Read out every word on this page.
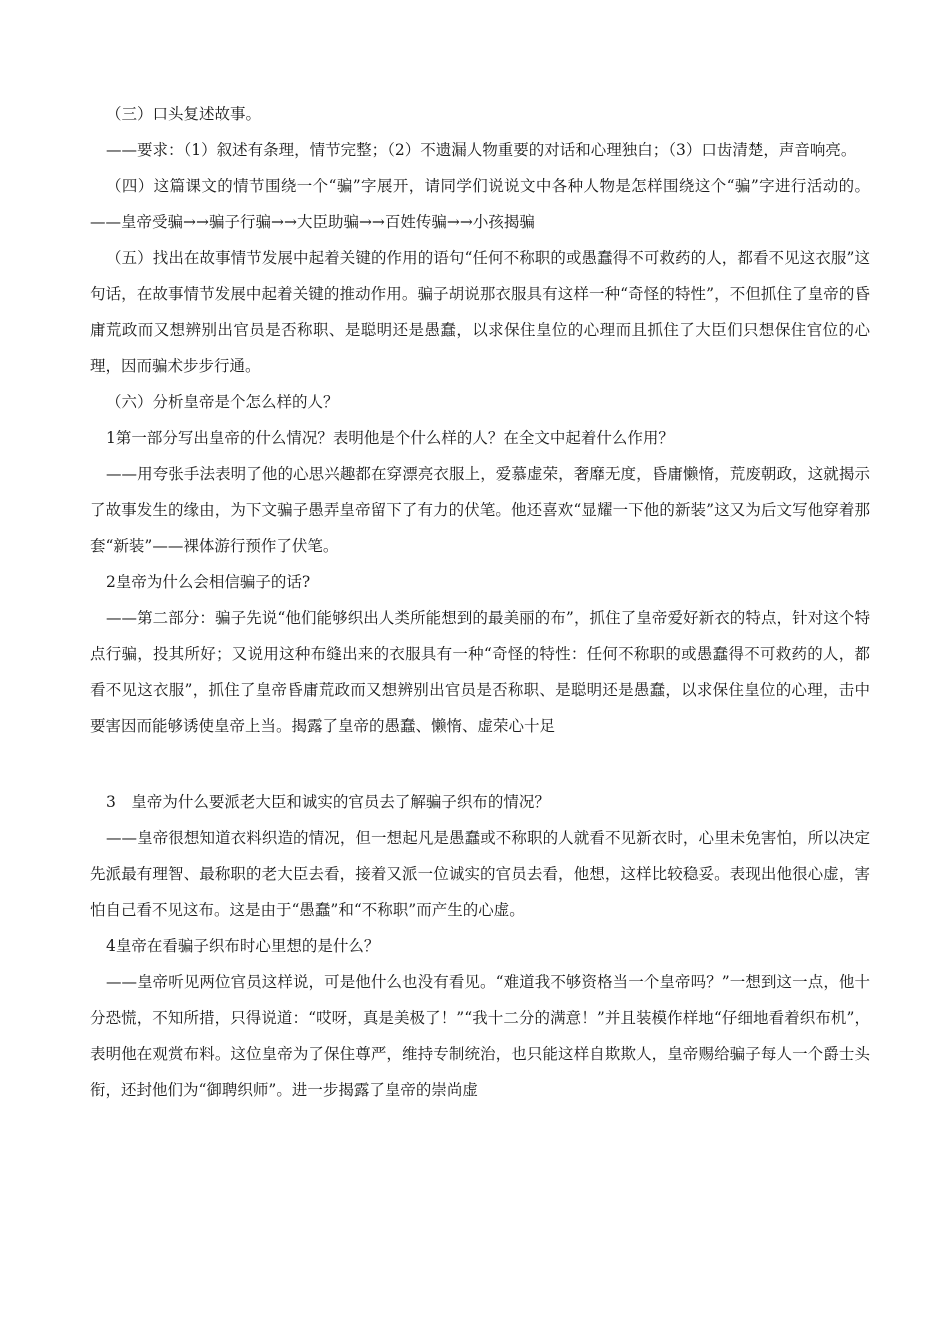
（三）口头复述故事。

——要求：（1）叙述有条理，情节完整；（2）不遗漏人物重要的对话和心理独白；（3）口齿清楚，声音响亮。

（四）这篇课文的情节围绕一个“骗”字展开，请同学们说说文中各种人物是怎样围绕这个“骗”字进行活动的。——皇帝受骗→→骗子行骗→→大臣助骗→→百姓传骗→→小孩揭骗

（五）找出在故事情节发展中起着关键的作用的语句“任何不称职的或愚蠢得不可救药的人，都看不见这衣服”这句话，在故事情节发展中起着关键的推动作用。骗子胡说那衣服具有这样一种“奇怪的特性”，不但抓住了皇帝的昏庸荒政而又想辨别出官员是否称职、是聪明还是愚蠢，以求保住皇位的心理而且抓住了大臣们只想保住官位的心理，因而骗术步步行通。

（六）分析皇帝是个怎么样的人？

1第一部分写出皇帝的什么情况？表明他是个什么样的人？在全文中起着什么作用？

——用夸张手法表明了他的心思兴趣都在穿漂亮衣服上，爱慕虚荣，奢靡无度，昏庸懒惰，荒废朝政，这就揭示了故事发生的缘由，为下文骗子愚弄皇帝留下了有力的伏笔。他还喜欢“显耀一下他的新装”这又为后文写他穿着那套“新装”——裸体游行预作了伏笔。

2皇帝为什么会相信骗子的话?

——第二部分：骗子先说“他们能够织出人类所能想到的最美丽的布”，抓住了皇帝爱好新衣的特点，针对这个特点行骗，投其所好；又说用这种布缝出来的衣服具有一种“奇怪的特性：任何不称职的或愚蠢得不可救药的人，都看不见这衣服”，抓住了皇帝昏庸荒政而又想辨别出官员是否称职、是聪明还是愚蠢，以求保住皇位的心理，击中要害因而能够诱使皇帝上当。揭露了皇帝的愚蠢、懒惰、虚荣心十足

3　皇帝为什么要派老大臣和诚实的官员去了解骗子织布的情况？

——皇帝很想知道衣料织造的情况，但一想起凡是愚蠢或不称职的人就看不见新衣时，心里未免害怕，所以决定先派最有理智、最称职的老大臣去看，接着又派一位诚实的官员去看，他想，这样比较稳妥。表现出他很心虚，害怕自己看不见这布。这是由于“愚蠢”和“不称职”而产生的心虚。

4皇帝在看骗子织布时心里想的是什么？

——皇帝听见两位官员这样说，可是他什么也没有看见。“难道我不够资格当一个皇帝吗？”一想到这一点，他十分恐慌，不知所措，只得说道：“哎呀，真是美极了！”“我十二分的满意！”并且装模作样地“仔细地看着织布机”，表明他在观赏布料。这位皇帝为了保住尊严，维持专制统治，也只能这样自欺欺人，皇帝赐给骗子每人一个爵士头衔，还封他们为“御聘织师”。进一步揭露了皇帝的崇尚虚
